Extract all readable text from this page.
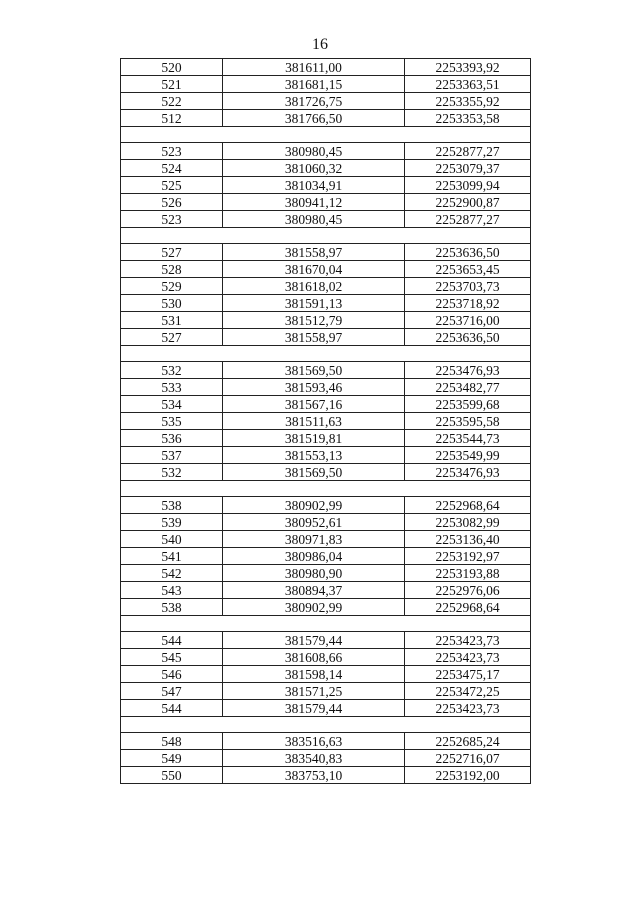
16
520	381611,00	2253393,92
521	381681,15	2253363,51
522	381726,75	2253355,92
512	381766,50	2253353,58

523	380980,45	2252877,27
524	381060,32	2253079,37
525	381034,91	2253099,94
526	380941,12	2252900,87
523	380980,45	2252877,27

527	381558,97	2253636,50
528	381670,04	2253653,45
529	381618,02	2253703,73
530	381591,13	2253718,92
531	381512,79	2253716,00
527	381558,97	2253636,50

532	381569,50	2253476,93
533	381593,46	2253482,77
534	381567,16	2253599,68
535	381511,63	2253595,58
536	381519,81	2253544,73
537	381553,13	2253549,99
532	381569,50	2253476,93

538	380902,99	2252968,64
539	380952,61	2253082,99
540	380971,83	2253136,40
541	380986,04	2253192,97
542	380980,90	2253193,88
543	380894,37	2252976,06
538	380902,99	2252968,64

544	381579,44	2253423,73
545	381608,66	2253423,73
546	381598,14	2253475,17
547	381571,25	2253472,25
544	381579,44	2253423,73

548	383516,63	2252685,24
549	383540,83	2252716,07
550	383753,10	2253192,00
